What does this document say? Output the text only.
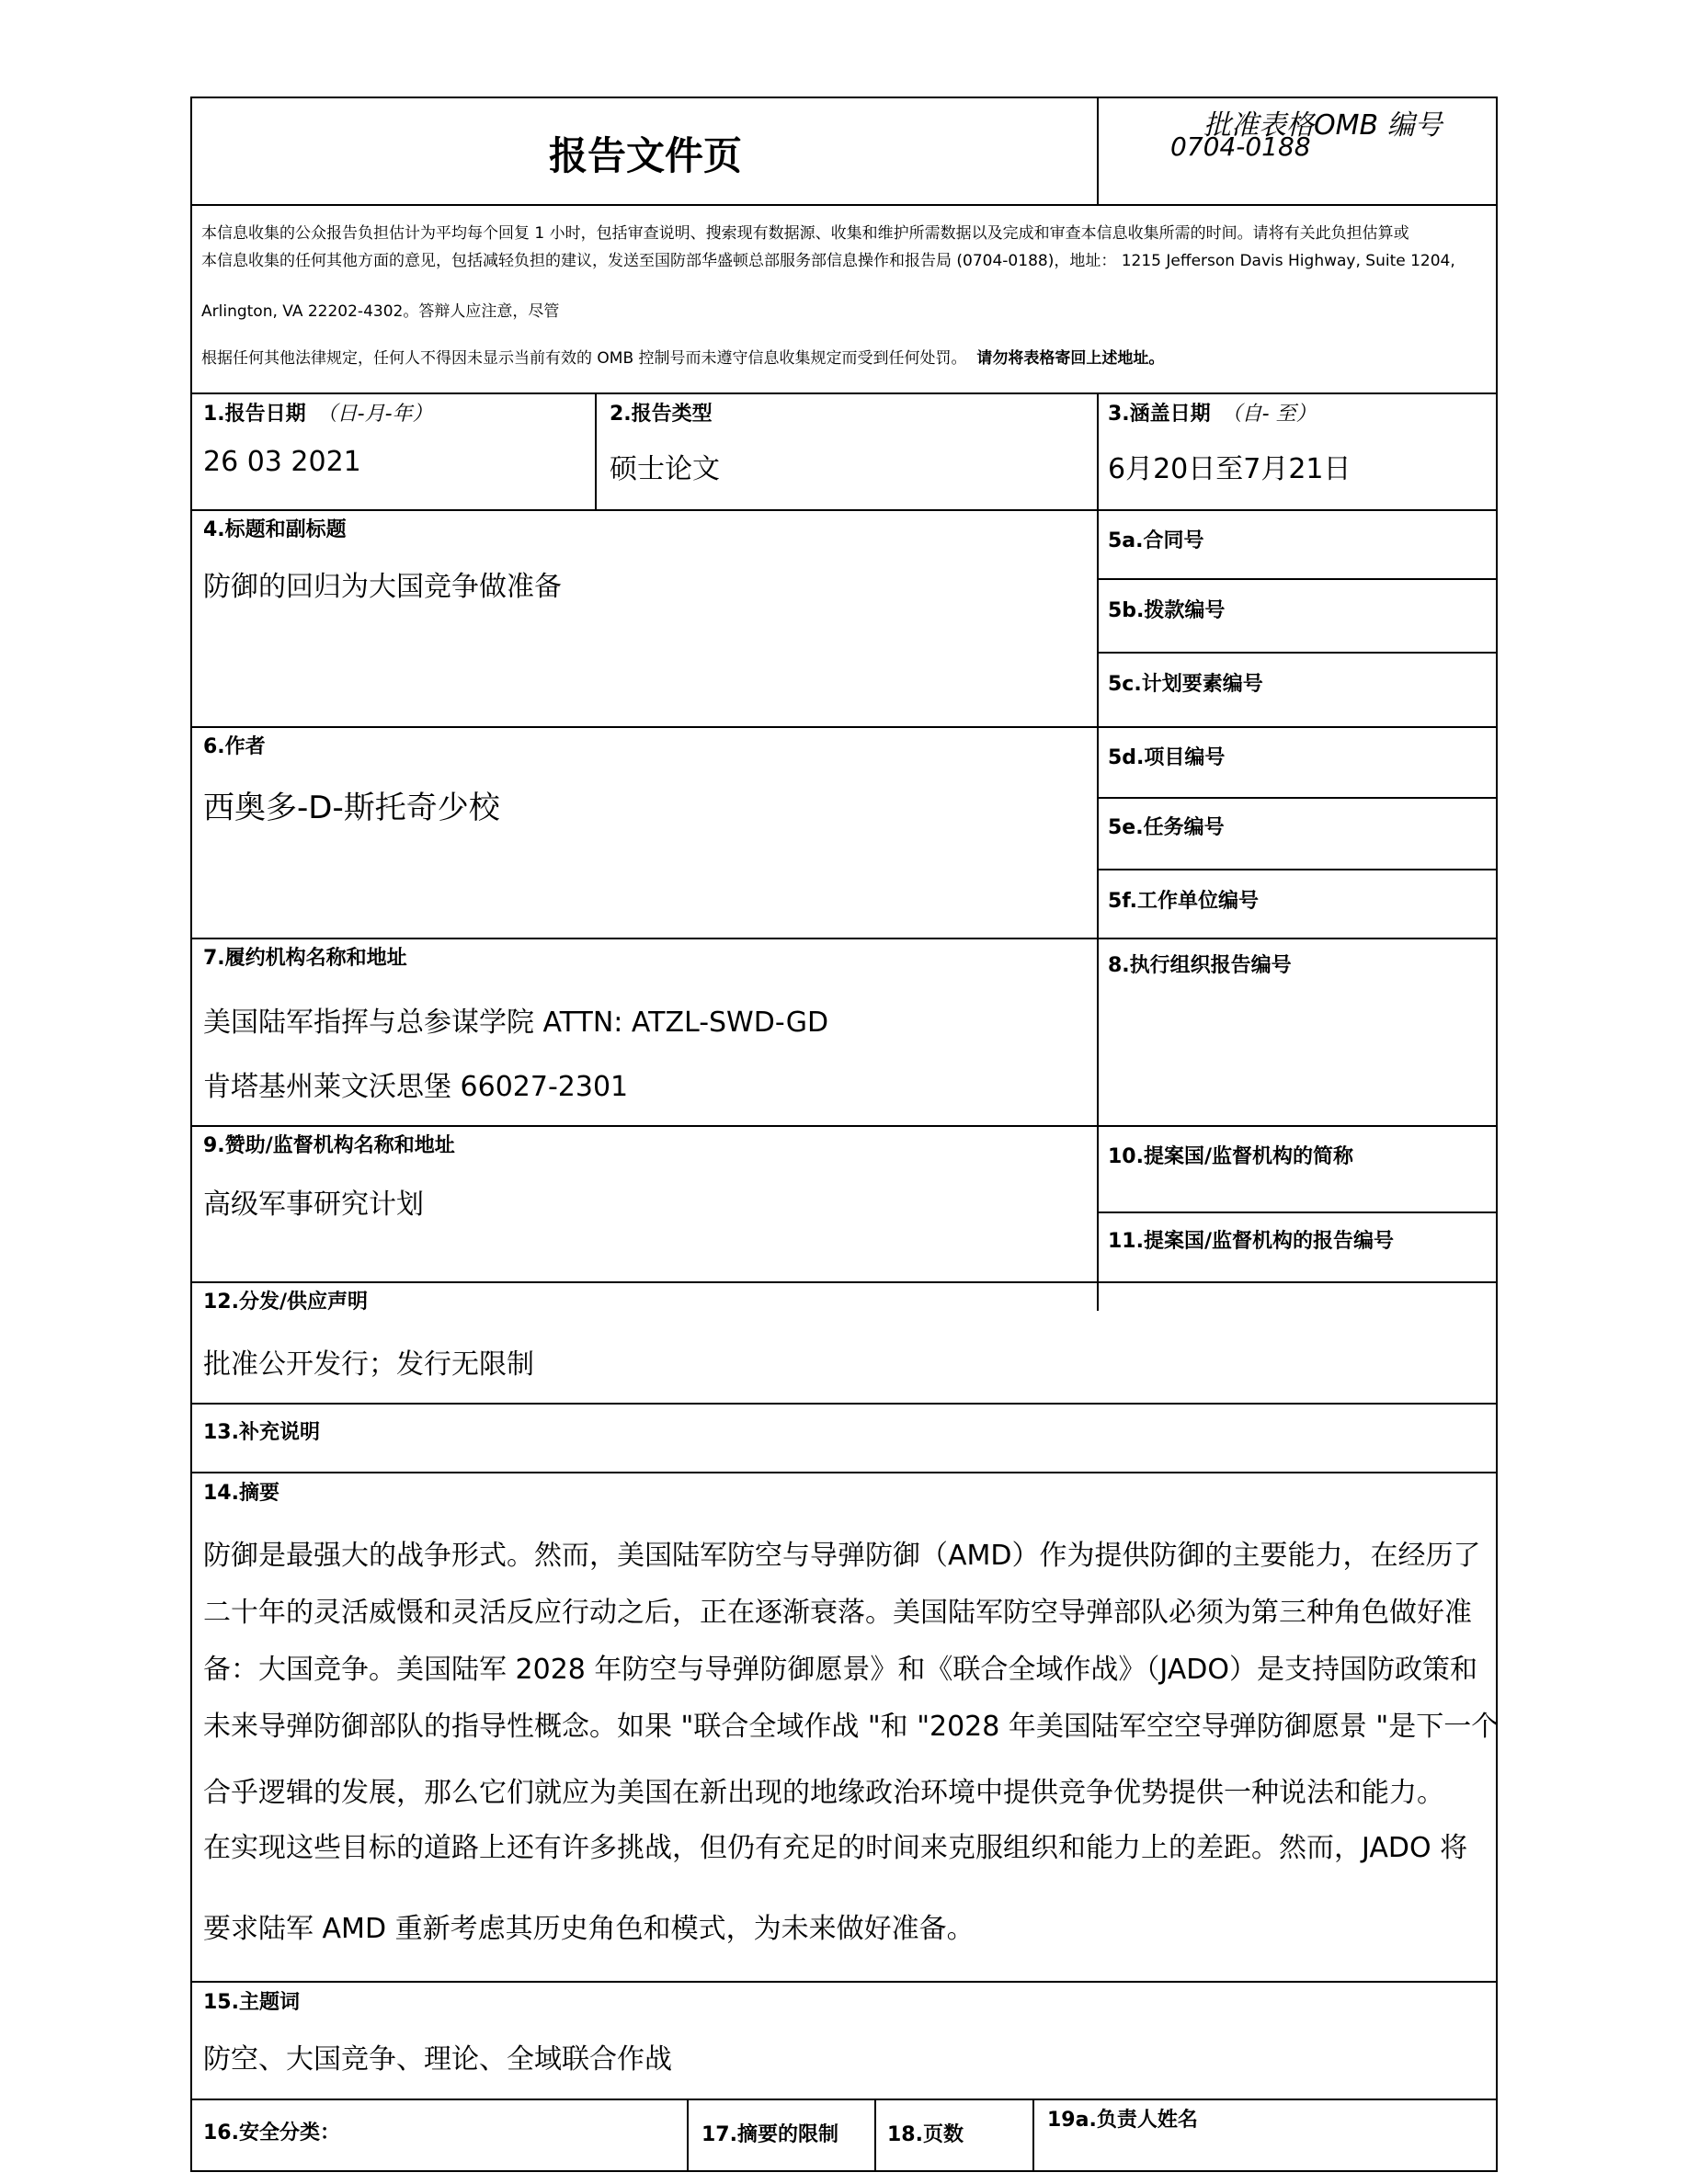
报告文件页
批准表格OMB 编号
0704-0188
本信息收集的公众报告负担估计为平均每个回复 1 小时，包括审查说明、搜索现有数据源、收集和维护所需数据以及完成和审查本信息收集所需的时间。请将有关此负担估算或
本信息收集的任何其他方面的意见，包括减轻负担的建议，发送至国防部华盛顿总部服务部信息操作和报告局 (0704-0188)，地址： 1215 Jefferson Davis Highway, Suite 1204,
Arlington, VA 22202-4302。答辩人应注意，尽管
根据任何其他法律规定，任何人不得因未显示当前有效的 OMB 控制号而未遵守信息收集规定而受到任何处罚。 请勿将表格寄回上述地址。
1.报告日期 （日-月-年）
26 03 2021
2.报告类型
硕士论文
3.涵盖日期 （自- 至）
6月20日至7月21日
4.标题和副标题
防御的回归为大国竞争做准备
5a.合同号
5b.拨款编号
5c.计划要素编号
6.作者
西奥多-D-斯托奇少校
5d.项目编号
5e.任务编号
5f.工作单位编号
7.履约机构名称和地址
美国陆军指挥与总参谋学院 ATTN: ATZL-SWD-GD
肯塔基州莱文沃思堡 66027-2301
8.执行组织报告编号
9.赞助/监督机构名称和地址
高级军事研究计划
10.提案国/监督机构的简称
11.提案国/监督机构的报告编号
12.分发/供应声明
批准公开发行；发行无限制
13.补充说明
14.摘要
防御是最强大的战争形式。然而，美国陆军防空与导弹防御（AMD）作为提供防御的主要能力，在经历了
二十年的灵活威慑和灵活反应行动之后，正在逐渐衰落。美国陆军防空导弹部队必须为第三种角色做好准
备：大国竞争。美国陆军 2028 年防空与导弹防御愿景》和《联合全域作战》（JADO）是支持国防政策和
未来导弹防御部队的指导性概念。如果 "联合全域作战 "和 "2028 年美国陆军空空导弹防御愿景 "是下一个
合乎逻辑的发展，那么它们就应为美国在新出现的地缘政治环境中提供竞争优势提供一种说法和能力。
在实现这些目标的道路上还有许多挑战，但仍有充足的时间来克服组织和能力上的差距。然而，JADO 将
要求陆军 AMD 重新考虑其历史角色和模式，为未来做好准备。
15.主题词
防空、大国竞争、理论、全域联合作战
16.安全分类：	17.摘要的限制 18.页数
19a.负责人姓名
